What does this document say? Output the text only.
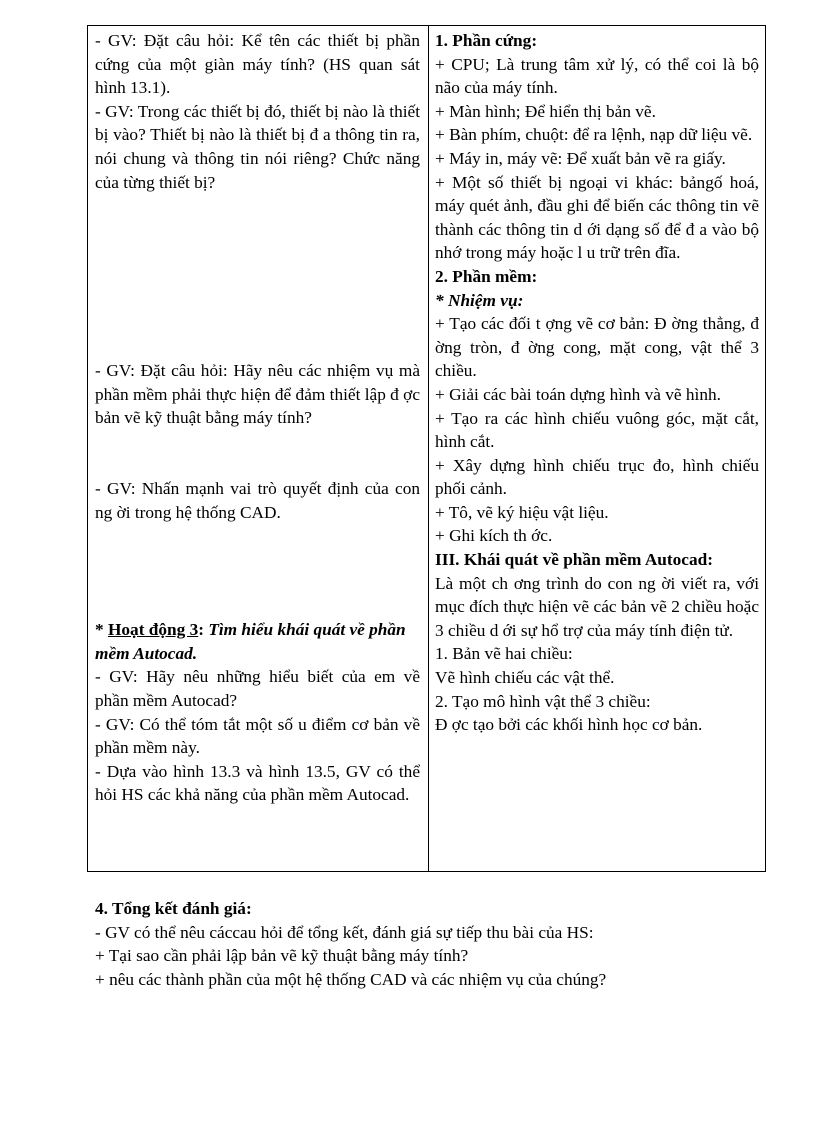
- GV: Đặt câu hỏi: Kể tên các thiết bị phần cứng của một giàn máy tính? (HS quan sát hình 13.1).

- GV: Trong các thiết bị đó, thiết bị nào là thiết bị vào? Thiết bị nào là thiết bị đ a thông tin ra, nói chung và thông tin nói riêng? Chức năng của từng thiết bị?

- GV: Đặt câu hỏi: Hãy nêu các nhiệm vụ mà phần mềm phải thực hiện để đảm thiết lập đ ợc bản vẽ kỹ thuật bằng máy tính?

- GV: Nhấn mạnh vai trò quyết định của con ng ời trong hệ thống CAD.

* Hoạt động 3: Tìm hiểu khái quát về phần mềm Autocad.

- GV: Hãy nêu những hiểu biết của em về phần mềm Autocad?

- GV: Có thể tóm tắt một số u điểm cơ bản về phần mềm này.

- Dựa vào hình 13.3 và hình 13.5, GV có thể hỏi HS các khả năng của phần mềm Autocad.

1. Phần cứng:

+ CPU; Là trung tâm xử lý, có thể coi là bộ não của máy tính.

+ Màn hình; Để hiển thị bản vẽ.

+ Bàn phím, chuột: để ra lệnh, nạp dữ liệu vẽ.

+ Máy in, máy vẽ: Để xuất bản vẽ ra giấy.

+ Một số thiết bị ngoại vi khác: bảngố hoá, máy quét ảnh, đầu ghi để biến các thông tin vẽ thành các thông tin d ới dạng số để đ a vào bộ nhớ trong máy hoặc l u trữ trên đĩa.

2. Phần mềm:

* Nhiệm vụ:

+ Tạo các đối t ợng vẽ cơ bản: Đ ờng thẳng, đ ờng tròn, đ ờng cong, mặt cong, vật thể 3 chiều.

+ Giải các bài toán dựng hình và vẽ hình.

+ Tạo ra các hình chiếu vuông góc, mặt cắt, hình cắt.

+ Xây dựng hình chiếu trục đo, hình chiếu phối cảnh.

+ Tô, vẽ ký hiệu vật liệu.

+ Ghi kích th ớc.

III. Khái quát về phần mềm Autocad:

Là một ch ơng trình do con ng ời viết ra, với mục đích thực hiện vẽ các bản vẽ 2 chiều hoặc 3 chiều d ới sự hổ trợ của máy tính điện tử.

1. Bản vẽ hai chiều:

Vẽ hình chiếu các vật thể.

2. Tạo mô hình vật thể 3 chiều:

Đ ợc tạo bởi các khối hình học cơ bản.

4. Tổng kết đánh giá:

- GV có thể nêu cáccau hỏi để tổng kết, đánh giá sự tiếp thu bài của HS:

+ Tại sao cần phải lập bản vẽ kỹ thuật bằng máy tính?

+ nêu các thành phần của một hệ thống CAD và các nhiệm vụ của chúng?
